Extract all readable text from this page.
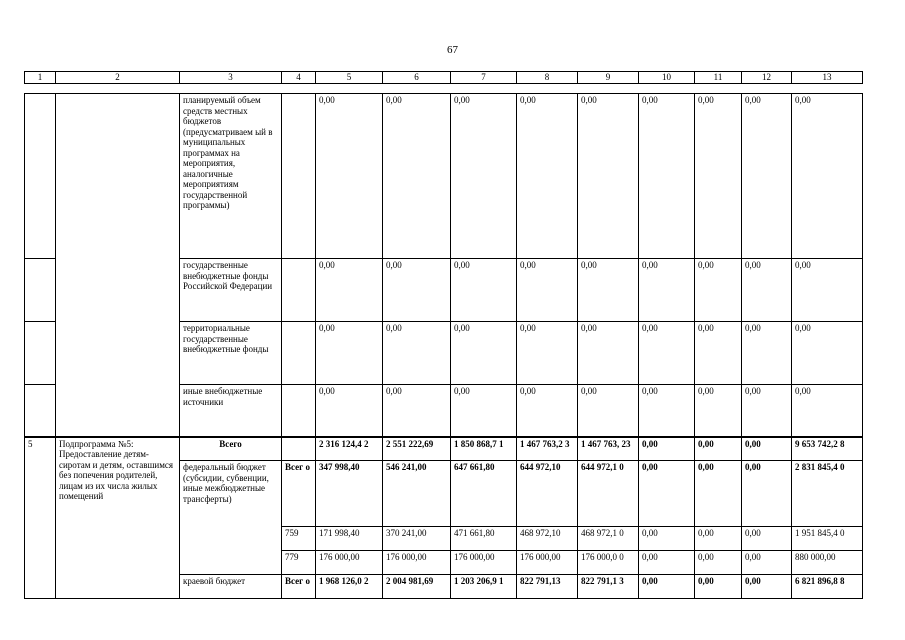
67
1	2	3	4	5	6	7	8	9	10	11	12	13
		планируемый объем средств местных бюджетов (предусматриваем ый в муниципальных программах на мероприятия, аналогичные мероприятиям государственной программы)		0,00	0,00	0,00	0,00	0,00	0,00	0,00	0,00	0,00
		государственные внебюджетные фонды Российской Федерации		0,00	0,00	0,00	0,00	0,00	0,00	0,00	0,00	0,00
		территориальные государственные внебюджетные фонды		0,00	0,00	0,00	0,00	0,00	0,00	0,00	0,00	0,00
		иные внебюджетные источники		0,00	0,00	0,00	0,00	0,00	0,00	0,00	0,00	0,00
5	Подпрограмма №5: Предоставление детям-сиротам и детям, оставшимся без попечения родителей, лицам из их числа жилых помещений	Всего		2 316 124,4 2	2 551 222,69	1 850 868,7 1	1 467 763,2 3	1 467 763, 23	0,00	0,00	0,00	9 653 742,2 8
		федеральный бюджет (субсидии, субвенции, иные межбюджетные трансферты)	Всег о	347 998,40	546 241,00	647 661,80	644 972,10	644 972,1 0	0,00	0,00	0,00	2 831 845,4 0
			759	171 998,40	370 241,00	471 661,80	468 972,10	468 972,1 0	0,00	0,00	0,00	1 951 845,4 0
			779	176 000,00	176 000,00	176 000,00	176 000,00	176 000,0 0	0,00	0,00	0,00	880 000,00
		краевой бюджет	Всег о	1 968 126,0 2	2 004 981,69	1 203 206,9 1	822 791,13	822 791,1 3	0,00	0,00	0,00	6 821 896,8 8
